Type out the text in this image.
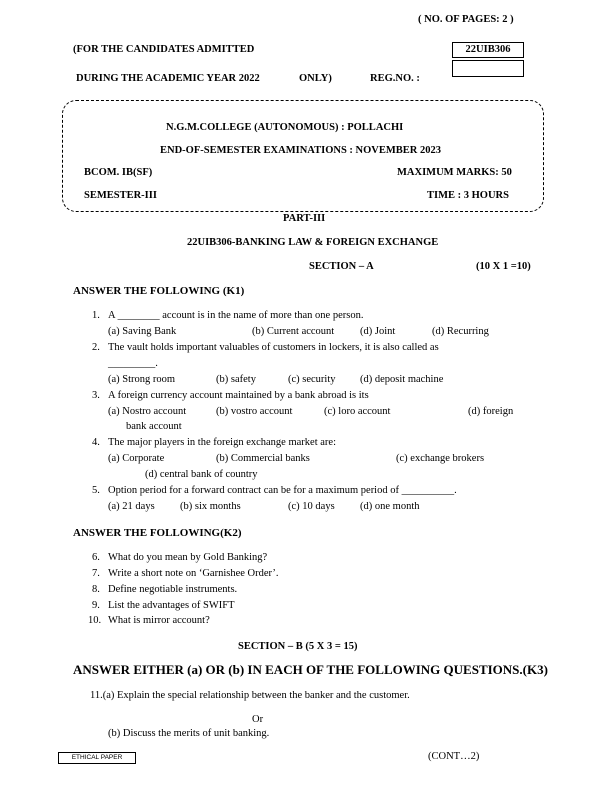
( NO. OF PAGES: 2 )
(FOR THE CANDIDATES ADMITTED	22UIB306
DURING THE ACADEMIC YEAR 2022	ONLY)	REG.NO. :
N.G.M.COLLEGE (AUTONOMOUS) : POLLACHI
END-OF-SEMESTER EXAMINATIONS : NOVEMBER 2023
BCOM. IB(SF)	MAXIMUM MARKS: 50
SEMESTER-III	TIME : 3 HOURS
PART-III
22UIB306-BANKING LAW & FOREIGN EXCHANGE
SECTION – A	(10 X 1 =10)
ANSWER THE FOLLOWING (K1)
1. A ________ account is in the name of more than one person.
(a) Saving Bank	(b) Current account (d) Joint	(d) Recurring
2. The vault holds important valuables of customers in lockers, it is also called as
_________.
(a) Strong room	(b) safety	(c) security (d) deposit machine
3. A foreign currency account maintained by a bank abroad is its
(a) Nostro account	(b) vostro account	(c) loro account	(d) foreign
bank account
4. The major players in the foreign exchange market are:
(a) Corporate	(b) Commercial banks	(c) exchange brokers
(d) central bank of country
5. Option period for a forward contract can be for a maximum period of __________.
(a) 21 days (b) six months	(c) 10 days (d) one month
ANSWER THE FOLLOWING(K2)
6. What do you mean by Gold Banking?
7. Write a short note on ‘Garnishee Order’.
8. Define negotiable instruments.
9. List the advantages of SWIFT
10. What is mirror account?
SECTION – B (5 X 3 = 15)
ANSWER EITHER (a) OR (b) IN EACH OF THE FOLLOWING QUESTIONS.(K3)
11.(a) Explain the special relationship between the banker and the customer.
Or
(b) Discuss the merits of unit banking.
ETHICAL PAPER	(CONT…2)
